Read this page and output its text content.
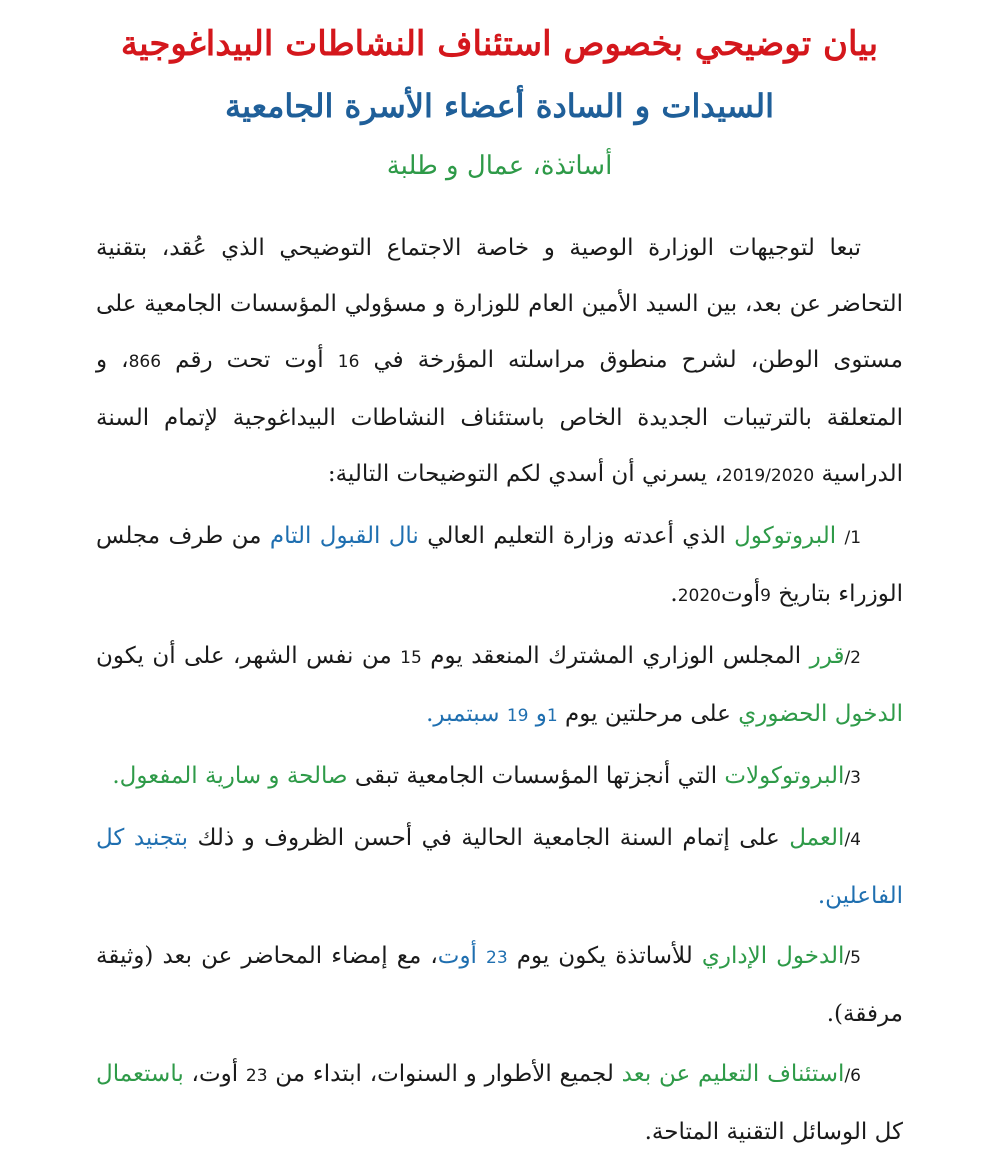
بيان توضيحي بخصوص استئناف النشاطات البيداغوجية
السيدات و السادة أعضاء الأسرة الجامعية
أساتذة، عمال و طلبة

تبعا لتوجيهات الوزارة الوصية و خاصة الاجتماع التوضيحي الذي عُقد، بتقنية التحاضر عن بعد، بين السيد الأمين العام للوزارة و مسؤولي المؤسسات الجامعية على مستوى الوطن، لشرح منطوق مراسلته المؤرخة في 16 أوت تحت رقم 866، و المتعلقة بالترتيبات الجديدة الخاص باستئناف النشاطات البيداغوجية لإتمام السنة الدراسية 2019/2020، يسرني أن أسدي لكم التوضيحات التالية:

1/ البروتوكول الذي أعدته وزارة التعليم العالي نال القبول التام من طرف مجلس الوزراء بتاريخ 9أوت2020.

2/قرر المجلس الوزاري المشترك المنعقد يوم 15 من نفس الشهر، على أن يكون الدخول الحضوري على مرحلتين يوم 1و 19 سبتمبر.

3/البروتوكولات التي أنجزتها المؤسسات الجامعية تبقى صالحة و سارية المفعول.

4/العمل على إتمام السنة الجامعية الحالية في أحسن الظروف و ذلك بتجنيد كل الفاعلين.

5/الدخول الإداري للأساتذة يكون يوم 23 أوت، مع إمضاء المحاضر عن بعد (وثيقة مرفقة).

6/استئناف التعليم عن بعد لجميع الأطوار و السنوات، ابتداء من 23 أوت، باستعمال كل الوسائل التقنية المتاحة.
